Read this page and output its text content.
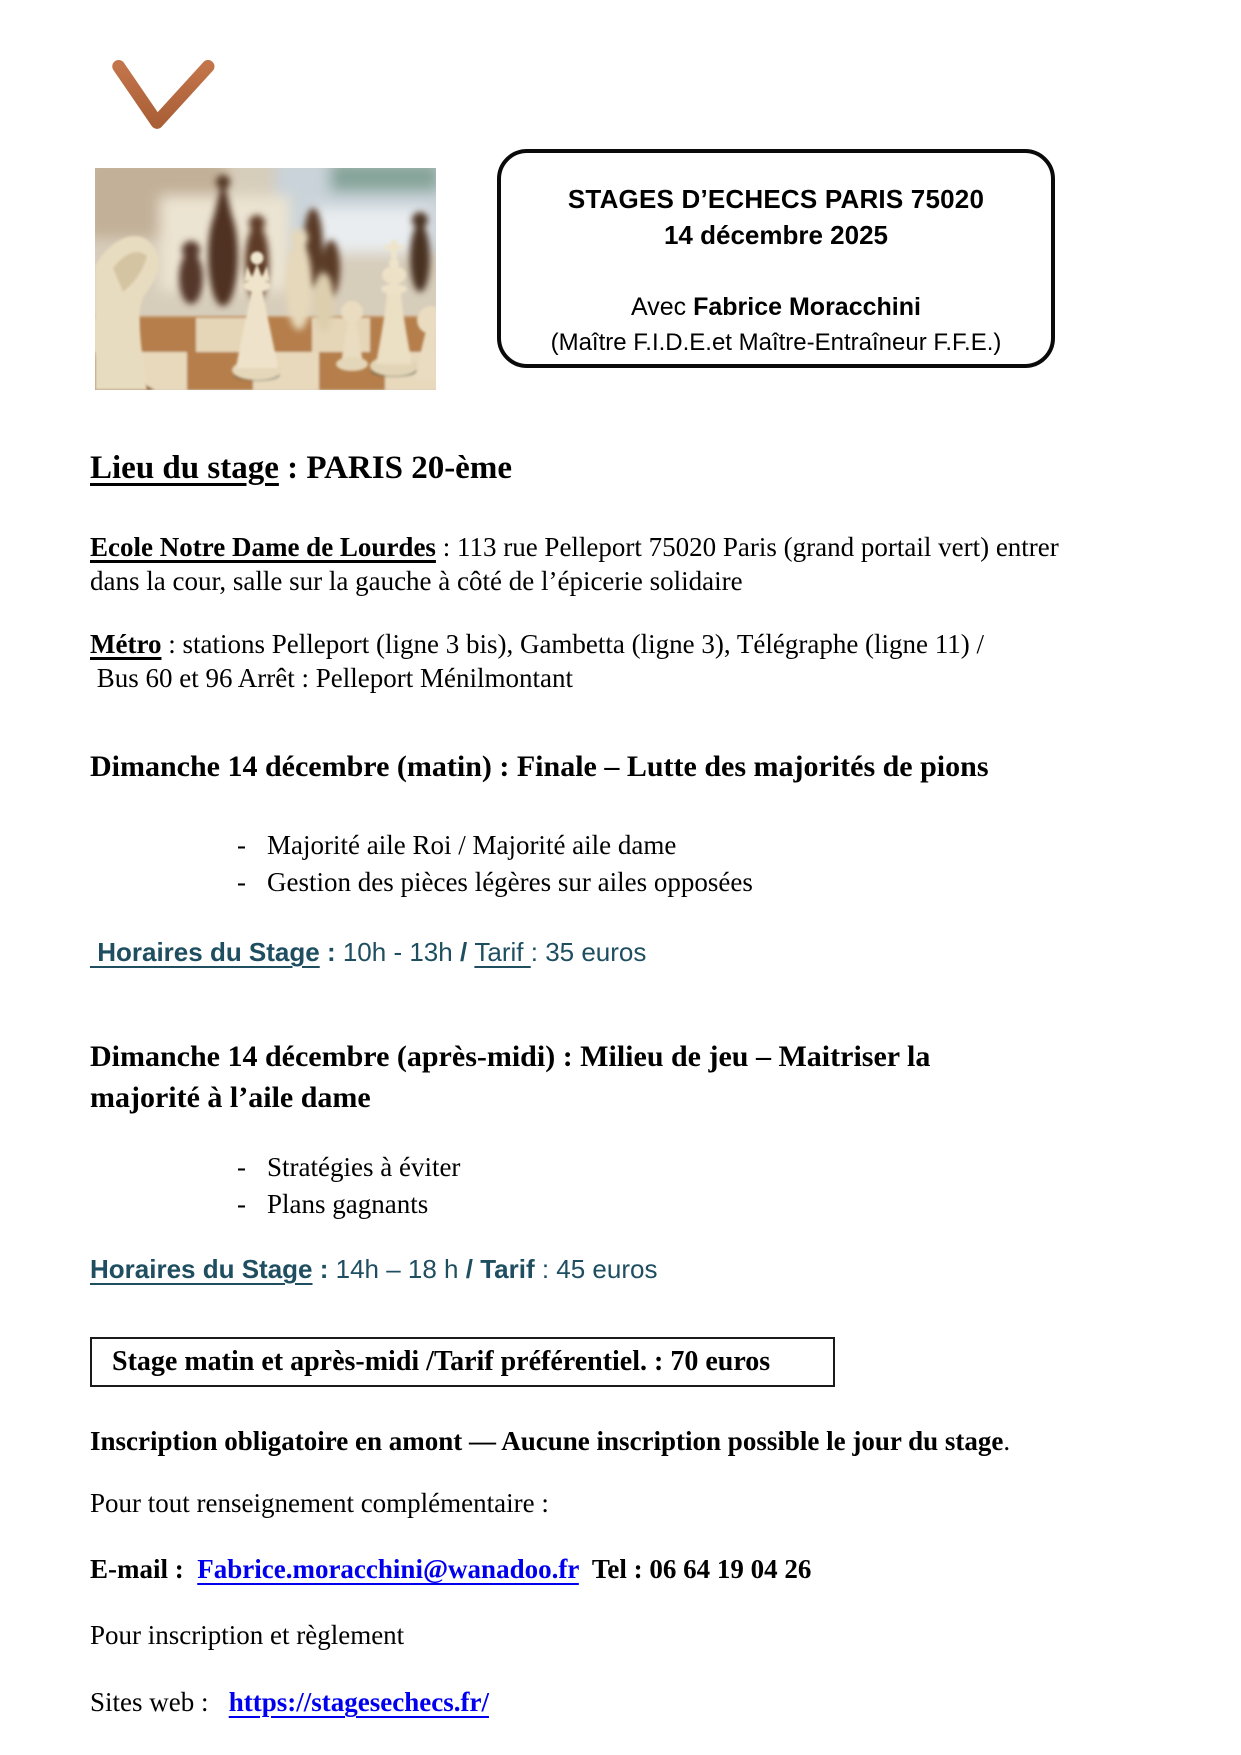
STAGES D’ECHECS PARIS 75020
14 décembre 2025
Avec Fabrice Moracchini
(Maître F.I.D.E.et Maître-Entraîneur F.F.E.)
Lieu du stage : PARIS 20-ème
Ecole Notre Dame de Lourdes : 113 rue Pelleport 75020 Paris (grand portail vert) entrer
dans la cour, salle sur la gauche à côté de l’épicerie solidaire
Métro : stations Pelleport (ligne 3 bis), Gambetta (ligne 3), Télégraphe (ligne 11) /
Bus 60 et 96 Arrêt : Pelleport Ménilmontant
Dimanche 14 décembre (matin) : Finale – Lutte des majorités de pions
- Majorité aile Roi / Majorité aile dame
- Gestion des pièces légères sur ailes opposées
Horaires du Stage : 10h - 13h / Tarif : 35 euros
Dimanche 14 décembre (après-midi) : Milieu de jeu – Maitriser la
majorité à l’aile dame
- Stratégies à éviter
- Plans gagnants
Horaires du Stage : 14h – 18 h / Tarif : 45 euros
Stage matin et après-midi /Tarif préférentiel. : 70 euros
Inscription obligatoire en amont — Aucune inscription possible le jour du stage.
Pour tout renseignement complémentaire :
E-mail :  Fabrice.moracchini@wanadoo.fr  Tel : 06 64 19 04 26
Pour inscription et règlement
Sites web :   https://stagesechecs.fr/
